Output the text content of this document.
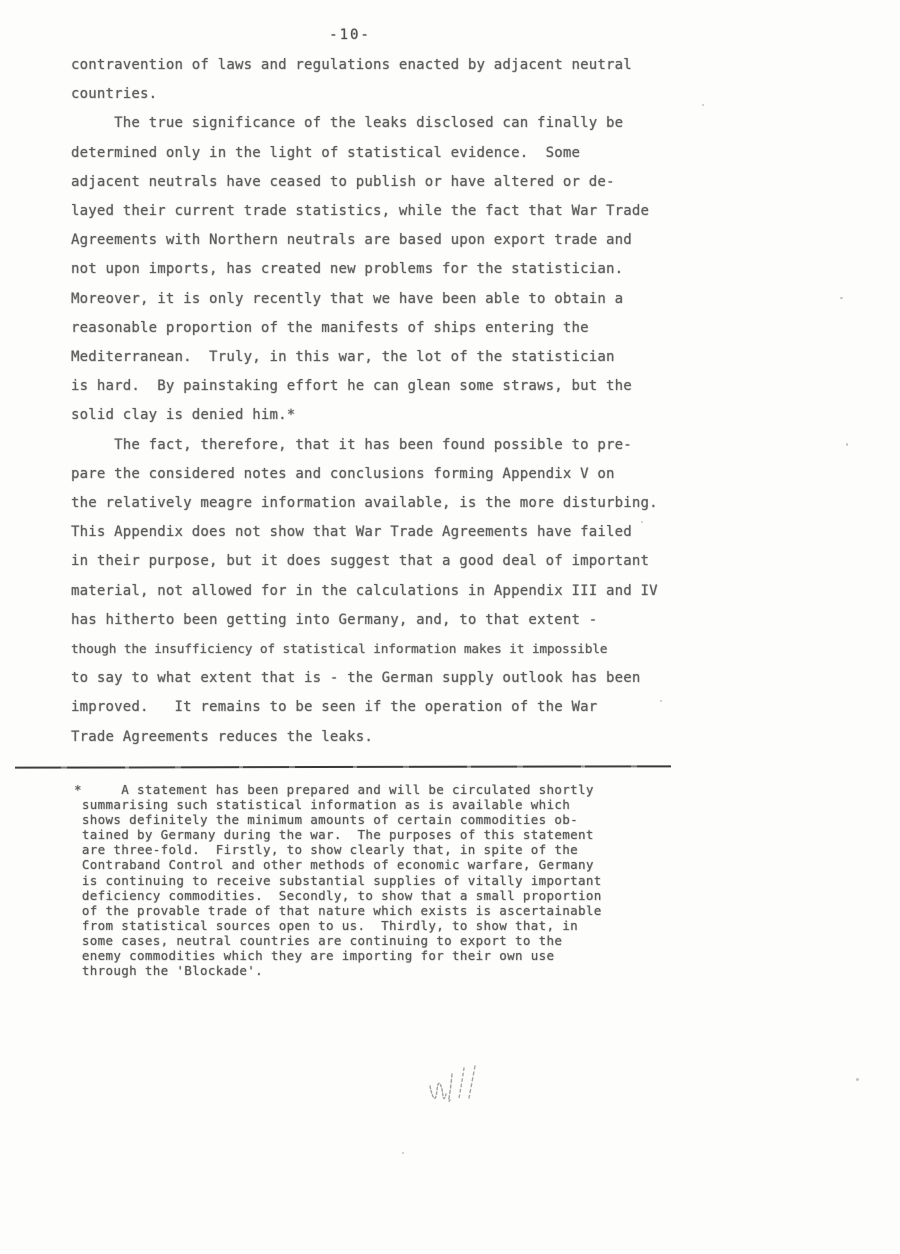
-10-
contravention of laws and regulations enacted by adjacent neutral
countries.
The true significance of the leaks disclosed can finally be
determined only in the light of statistical evidence.  Some
adjacent neutrals have ceased to publish or have altered or de-
layed their current trade statistics, while the fact that War Trade
Agreements with Northern neutrals are based upon export trade and
not upon imports, has created new problems for the statistician.
Moreover, it is only recently that we have been able to obtain a
reasonable proportion of the manifests of ships entering the
Mediterranean.  Truly, in this war, the lot of the statistician
is hard.  By painstaking effort he can glean some straws, but the
solid clay is denied him.*
The fact, therefore, that it has been found possible to pre-
pare the considered notes and conclusions forming Appendix V on
the relatively meagre information available, is the more disturbing.
This Appendix does not show that War Trade Agreements have failed
in their purpose, but it does suggest that a good deal of important
material, not allowed for in the calculations in Appendix III and IV
has hitherto been getting into Germany, and, to that extent -
though the insufficiency of statistical information makes it impossible
to say to what extent that is - the German supply outlook has been
improved.   It remains to be seen if the operation of the War
Trade Agreements reduces the leaks.
*     A statement has been prepared and will be circulated shortly
summarising such statistical information as is available which
shows definitely the minimum amounts of certain commodities ob-
tained by Germany during the war.  The purposes of this statement
are three-fold.  Firstly, to show clearly that, in spite of the
Contraband Control and other methods of economic warfare, Germany
is continuing to receive substantial supplies of vitally important
deficiency commodities.  Secondly, to show that a small proportion
of the provable trade of that nature which exists is ascertainable
from statistical sources open to us.  Thirdly, to show that, in
some cases, neutral countries are continuing to export to the
enemy commodities which they are importing for their own use
through the 'Blockade'.
